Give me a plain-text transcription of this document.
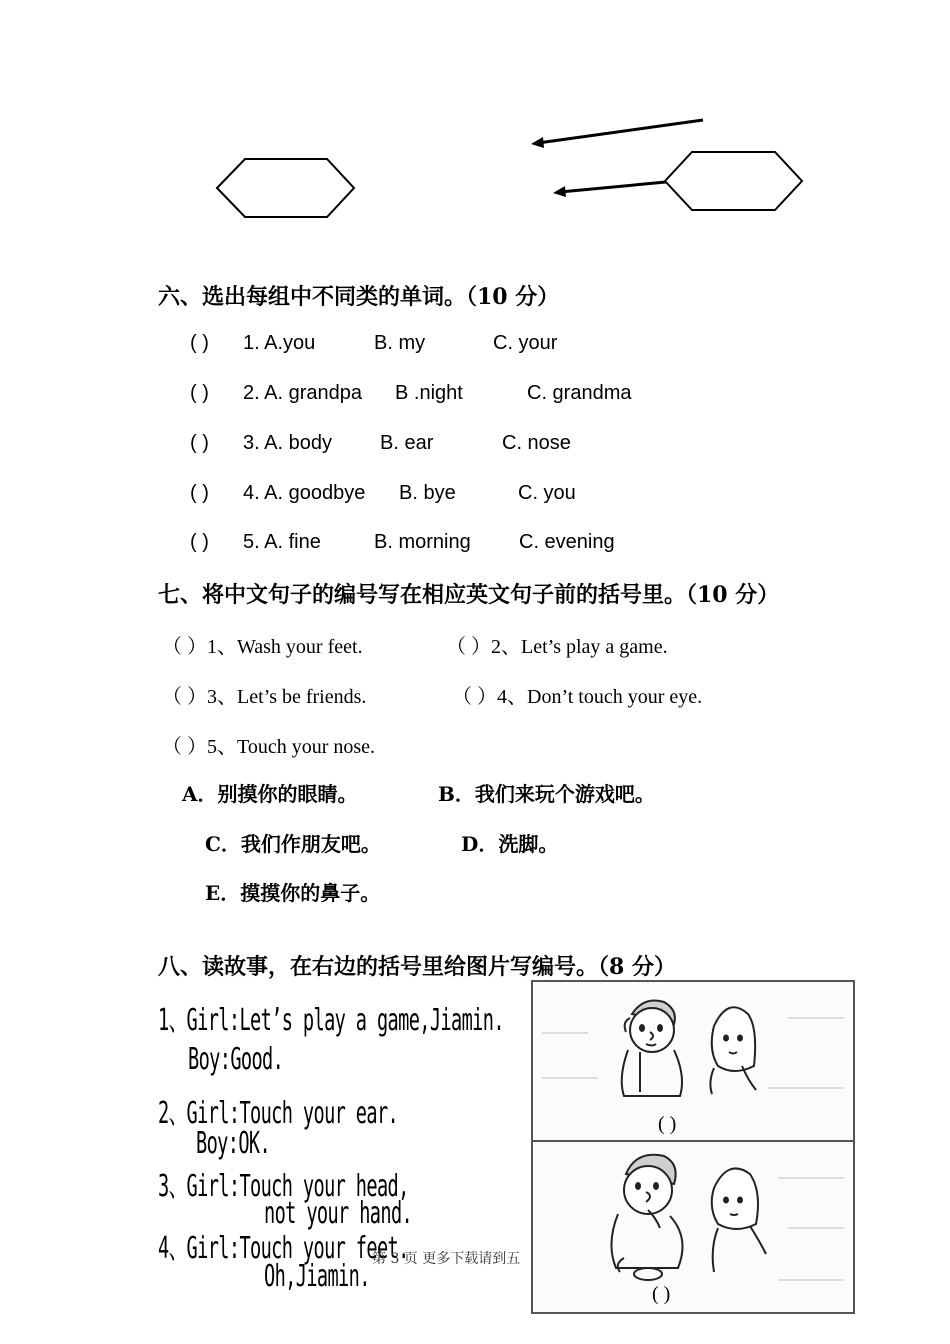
六、选出每组中不同类的单词。（10 分）
( ) 1. A.you	B. my	C. your
( ) 2. A. grandpa B .night	C. grandma
( ) 3. A. body B. ear	C. nose
( ) 4. A. goodbye B. bye	C. you
( ) 5. A. fine	B. morning C. evening
七、将中文句子的编号写在相应英文句子前的括号里。（10 分）
（ ）1、Wash your feet.	（ ）2、Let’s play a game.
（ ）3、Let’s be friends.	（ ）4、Don’t touch your eye.
（ ）5、Touch your nose.
A．别摸你的眼睛。	B．我们来玩个游戏吧。
C．我们作朋友吧。	D．洗脚。
E．摸摸你的鼻子。
八、读故事，在右边的括号里给图片写编号。（8 分）
1、Girl:Let’s play a game,Jiamin.
Boy:Good.
2、Girl:Touch your ear.
Boy:OK.
3、Girl:Touch your head,
not your hand.
4、Girl:Touch your feet.
Oh,Jiamin.
( )
( )
第 3 页 更多下载请到五
